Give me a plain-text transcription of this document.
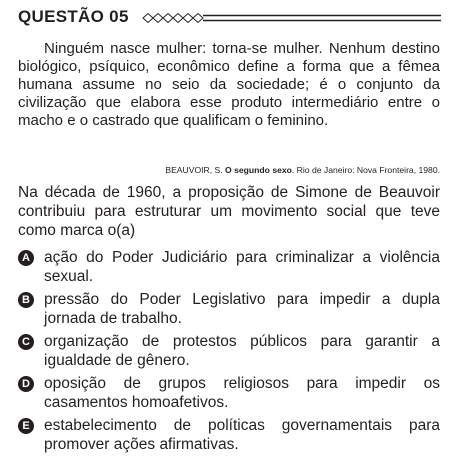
QUESTÃO 05

Ninguém nasce mulher: torna-se mulher. Nenhum destino biológico, psíquico, econômico define a forma que a fêmea humana assume no seio da sociedade; é o conjunto da civilização que elabora esse produto intermediário entre o macho e o castrado que qualificam o feminino.

BEAUVOIR, S. O segundo sexo. Rio de Janeiro: Nova Fronteira, 1980.

Na década de 1960, a proposição de Simone de Beauvoir contribuiu para estruturar um movimento social que teve como marca o(a)

A ação do Poder Judiciário para criminalizar a violência sexual.
B pressão do Poder Legislativo para impedir a dupla jornada de trabalho.
C organização de protestos públicos para garantir a igualdade de gênero.
D oposição de grupos religiosos para impedir os casamentos homoafetivos.
E estabelecimento de políticas governamentais para promover ações afirmativas.
